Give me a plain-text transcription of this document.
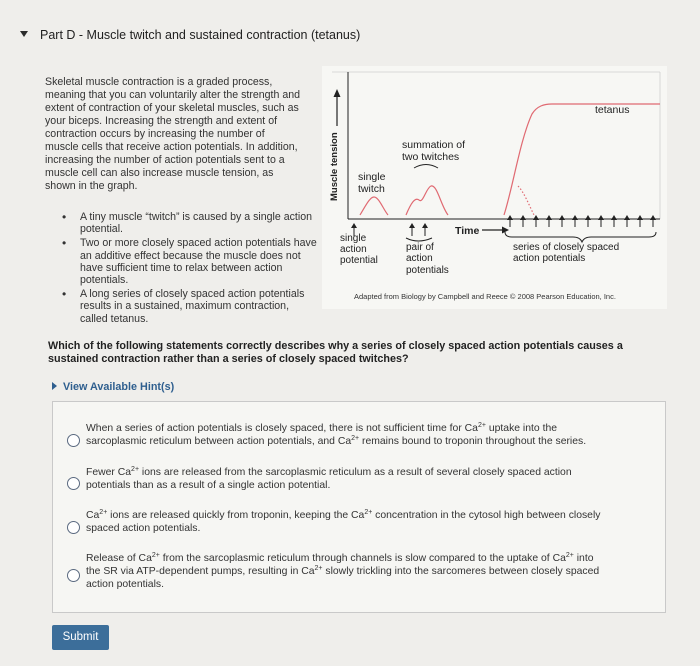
Part D - Muscle twitch and sustained contraction (tetanus)
Skeletal muscle contraction is a graded process, meaning that you can voluntarily alter the strength and extent of contraction of your skeletal muscles, such as your biceps. Increasing the strength and extent of contraction occurs by increasing the number of muscle cells that receive action potentials. In addition, increasing the number of action potentials sent to a muscle cell can also increase muscle tension, as shown in the graph.
• A tiny muscle “twitch” is caused by a single action potential.
• Two or more closely spaced action potentials have an additive effect because the muscle does not have sufficient time to relax between action potentials.
• A long series of closely spaced action potentials results in a sustained, maximum contraction, called tetanus.
Muscle tension
tetanus
summation of
two twitches
single
twitch
Time
single
action
potential
pair of
action
potentials
series of closely spaced
action potentials
Adapted from Biology by Campbell and Reece © 2008 Pearson Education, Inc.
Which of the following statements correctly describes why a series of closely spaced action potentials causes a sustained contraction rather than a series of closely spaced twitches?
View Available Hint(s)
When a series of action potentials is closely spaced, there is not sufficient time for $Ca^{2+}$ uptake into the
sarcoplasmic reticulum between action potentials, and $Ca^{2+}$ remains bound to troponin throughout the series.
Fewer $Ca^{2+}$ ions are released from the sarcoplasmic reticulum as a result of several closely spaced action
potentials than as a result of a single action potential.
$Ca^{2+}$ ions are released quickly from troponin, keeping the $Ca^{2+}$ concentration in the cytosol high between closely
spaced action potentials.
Release of $Ca^{2+}$ from the sarcoplasmic reticulum through channels is slow compared to the uptake of $Ca^{2+}$ into
the SR via ATP-dependent pumps, resulting in $Ca^{2+}$ slowly trickling into the sarcomeres between closely spaced
action potentials.
Submit
